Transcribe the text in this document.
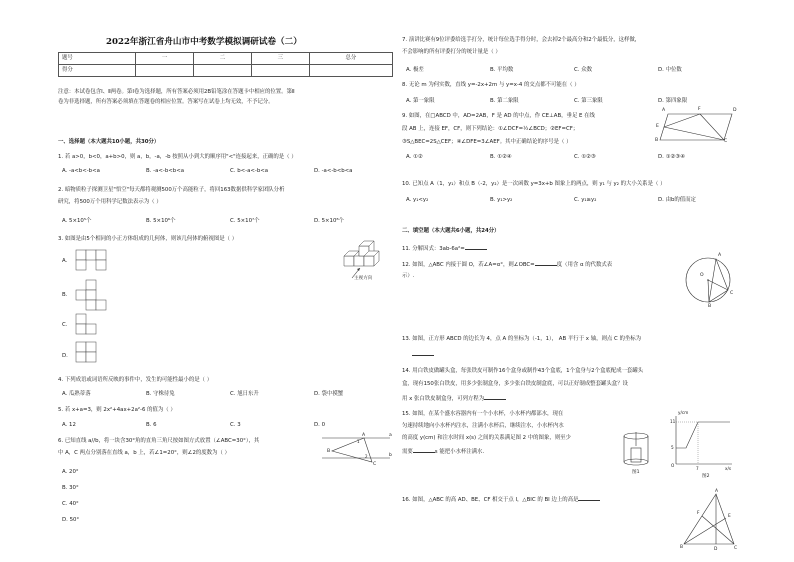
2022年浙江省舟山市中考数学模拟调研试卷（二）
题号	一	二	三	总分
得分				
注意：本试卷包含Ⅰ、Ⅱ两卷。第Ⅰ卷为选择题，所有答案必须用2B铅笔涂在答题卡中相应的位置。第Ⅱ
卷为非选择题，所有答案必须填在答题卷的相应位置。答案写在试卷上均无效，不予记分。
一、选择题（本大题共10小题，共30分）
1. 若 a>0，b<0，a+b>0，则 a，b，-a，-b 按照从小到大的顺序用"<"连接起来，正确的是（ ）
A. -a<b<-b<a	B. -a<-b<b<a	C. b<-a<-b<a	D. -a<-b<b<a
2. 暗物质粒子探测卫星"悟空"每天都将观测500万个高能粒子，将回163数据供科学家团队分析
研究，将500万个用科学记数法表示为（ ）
A. 5×10⁵个	B. 5×10⁶个	C. 5×10⁷个	D. 5×10⁸个
3. 如图是由5个相同的小正方体组成的几何体，则该几何体的俯视图是（ ）
A.
B.
C.
D.
主视方向
4. 下列成语或词语所反映的事件中，发生的可能性最小的是（ ）
A. 瓜熟蒂落	B. 守株待兔	C. 旭日东升	D. 袋中摸蟹
5. 若 x+a=3，则 2x²+4ax+2a²-6 的值为（ ）
A. 12	B. 6	C. 3	D. 0
6. 已知直线 a//b，将一块含30°角的直角三角尺按如图方式放置（∠ABC=30°），其
中 A，C 两点分别落在直线 a，b 上，若∠1=20°，则∠2的度数为（ ）
A. 20°
B. 30°
C. 40°
D. 50°
A
B
C
a
b
1
2
7. 演讲比赛有9位评委给选手打分，统计每位选手得分时，会去掉2个最高分和2个最低分，这样做，
不会影响的所有评委打分的统计量是（ ）
A. 极差	B. 平均数	C. 众数	D. 中位数
8. 无论 m 为何实数，直线 y=-2x+2m 与 y=x-4 的交点都不可能在（ ）
A. 第一象限	B. 第二象限	C. 第三象限	D. 第四象限
9. 如图，在□ABCD 中，AD=2AB，F 是 AD 的中点，作 CE⊥AB，垂足 E 在线
段 AB 上，连接 EF，CF，则下列结论：①∠DCF=½∠BCD；②EF=CF；
③S△BEC=2S△CEF；④∠DFE=3∠AEF。其中正确结论的序号是（ ）
A. ①②	B. ①②④	C. ①②③	D. ①②③④
A	F	D
E
B	C
10. 已知点 A（1，y₁）和点 B（-2，y₂）是一次函数 y=3x+b 图象上的两点，则 y₁ 与 y₂ 的大小关系是（ ）
A. y₁<y₂	B. y₁>y₂	C. y₁≥y₂	D. 由b的值而定
二、填空题（本大题共6小题，共24分）
11. 分解因式：3ab-6a²=
12. 如图，△ABC 内接于圆 O，若∠A=α°，则∠OBC=	度（用含 α 的代数式表
示）.
A
O
B
C
13. 如图，正方形 ABCD 的边长为 4，点 A 的坐标为（-1，1）， AB 平行于 x 轴，则点 C 的坐标为
14. 用白铁皮做罐头盒，每张铁皮可制作16个盒身或制作43个盒底，1个盒身与2个盒底配成一套罐头
盒，现有150张白铁皮，用多少张制盒身，多少张白铁皮制盒底，可以正好制成整套罐头盒？设
用 x 张白铁皮制盒身，可列方程为
15. 如图，在某个盛水容器内有一个小水杯，小水杯内都部水，现在
匀速持续地向小水杯内注水，注满小水杯后，继续注水，小水杯内水
的高度 y(cm) 和注水时间 x(s) 之间的关系满足图 2 中的图象，则至少
需要	s 能把小水杯注满水.
图1
y/cm
11
5
O
x/s
7
图2
16. 如图，△ABC 的高 AD、BE、CF 相交于点 I，△BIC 的 BI 边上的高是
A
F
E
B	D	C
